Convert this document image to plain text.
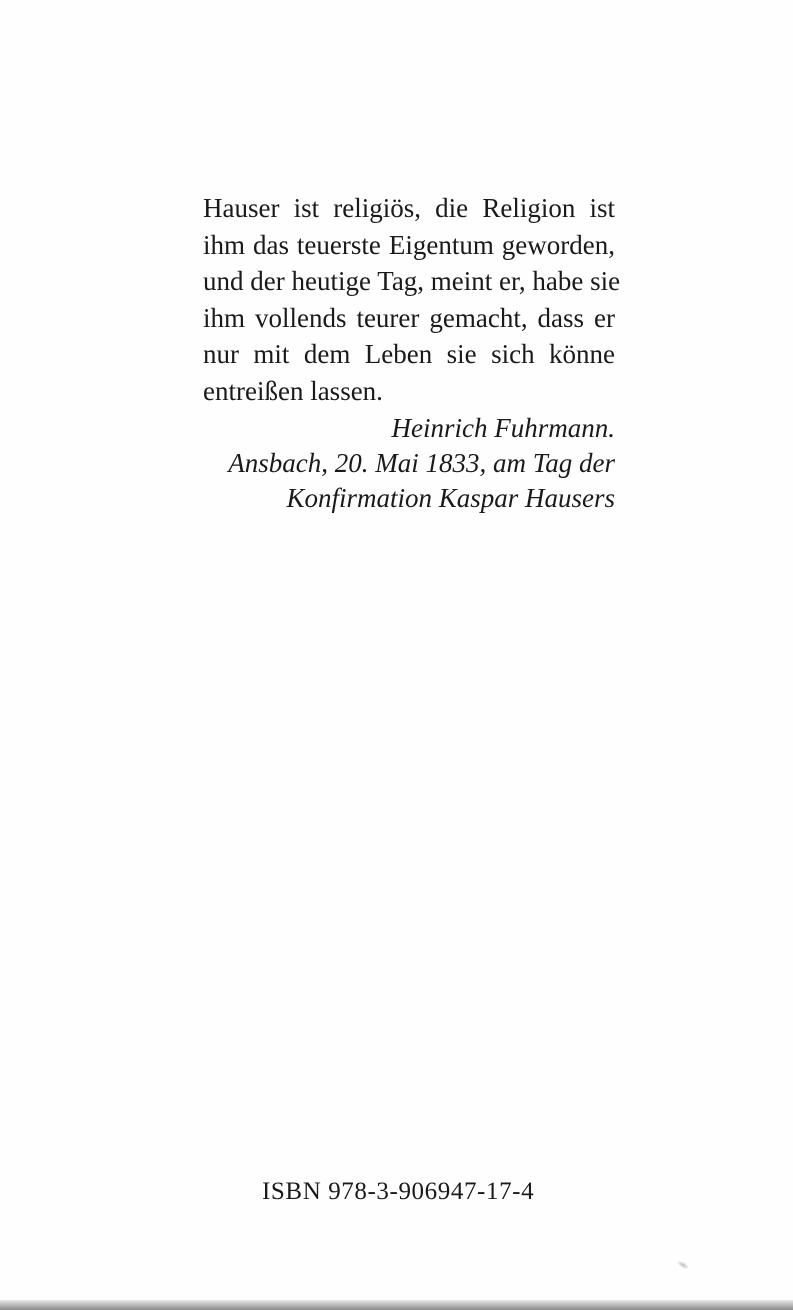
Hauser ist religiös, die Religion ist
ihm das teuerste Eigentum geworden,
und der heutige Tag, meint er, habe sie
ihm vollends teurer gemacht, dass er
nur mit dem Leben sie sich könne
entreißen lassen.
Heinrich Fuhrmann.
Ansbach, 20. Mai 1833, am Tag der
Konfirmation Kaspar Hausers
ISBN 978-3-906947-17-4
